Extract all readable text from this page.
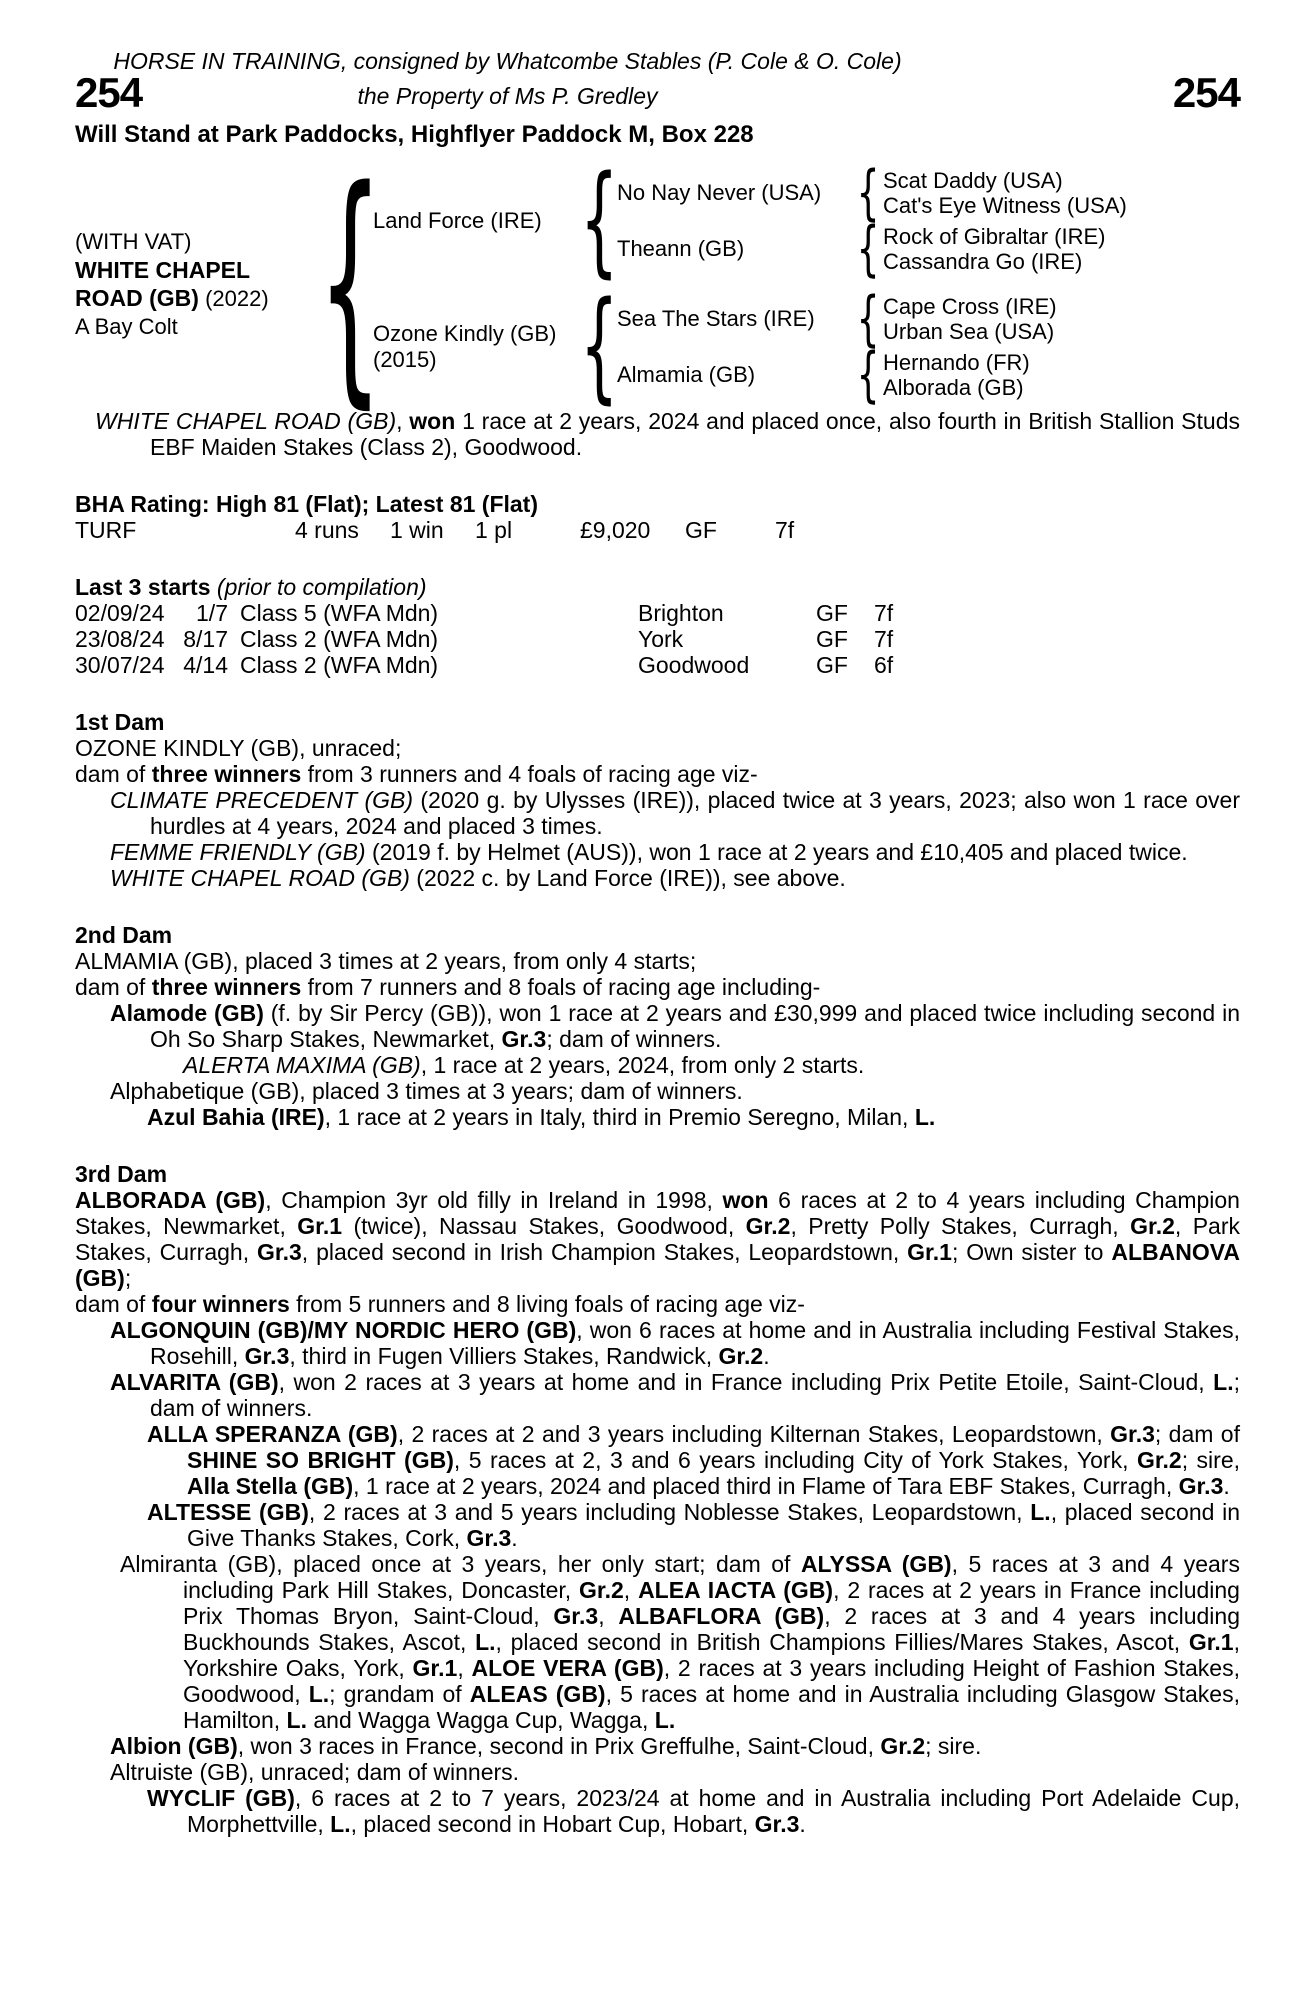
HORSE IN TRAINING, consigned by Whatcombe Stables (P. Cole & O. Cole)
the Property of Ms P. Gredley
254	254
Will Stand at Park Paddocks, Highflyer Paddock M, Box 228
(WITH VAT)
WHITE CHAPEL
ROAD (GB) (2022)
A Bay Colt
{
Land Force (IRE)
{
No Nay Never (USA) {	Scat Daddy (USA)
Cat's Eye Witness (USA)
Theann (GB) {	Rock of Gibraltar (IRE)
Cassandra Go (IRE)
Ozone Kindly (GB)
(2015)
{
Sea The Stars (IRE) {	Cape Cross (IRE)
Urban Sea (USA)
Almamia (GB) {	Hernando (FR)
Alborada (GB)

WHITE CHAPEL ROAD (GB), won 1 race at 2 years, 2024 and placed once, also fourth in British Stallion Studs EBF Maiden Stakes (Class 2), Goodwood.

BHA Rating: High 81 (Flat); Latest 81 (Flat)
TURF	4 runs 1 win 1 pl	£9,020 GF	7f
Last 3 starts (prior to compilation)
02/09/24 1/7 Class 5 (WFA Mdn)	Brighton	GF 7f
23/08/24 8/17 Class 2 (WFA Mdn)	York	GF 7f
30/07/24 4/14 Class 2 (WFA Mdn)	Goodwood	GF 6f
1st Dam

OZONE KINDLY (GB), unraced;

dam of three winners from 3 runners and 4 foals of racing age viz-

CLIMATE PRECEDENT (GB) (2020 g. by Ulysses (IRE)), placed twice at 3 years, 2023; also won 1 race over hurdles at 4 years, 2024 and placed 3 times.

FEMME FRIENDLY (GB) (2019 f. by Helmet (AUS)), won 1 race at 2 years and £10,405 and placed twice.

WHITE CHAPEL ROAD (GB) (2022 c. by Land Force (IRE)), see above.

2nd Dam

ALMAMIA (GB), placed 3 times at 2 years, from only 4 starts;

dam of three winners from 7 runners and 8 foals of racing age including-

Alamode (GB) (f. by Sir Percy (GB)), won 1 race at 2 years and £30,999 and placed twice including second in Oh So Sharp Stakes, Newmarket, Gr.3; dam of winners.

ALERTA MAXIMA (GB), 1 race at 2 years, 2024, from only 2 starts.

Alphabetique (GB), placed 3 times at 3 years; dam of winners.

Azul Bahia (IRE), 1 race at 2 years in Italy, third in Premio Seregno, Milan, L.

3rd Dam

ALBORADA (GB), Champion 3yr old filly in Ireland in 1998, won 6 races at 2 to 4 years including Champion Stakes, Newmarket, Gr.1 (twice), Nassau Stakes, Goodwood, Gr.2, Pretty Polly Stakes, Curragh, Gr.2, Park Stakes, Curragh, Gr.3, placed second in Irish Champion Stakes, Leopardstown, Gr.1; Own sister to ALBANOVA (GB);

dam of four winners from 5 runners and 8 living foals of racing age viz-

ALGONQUIN (GB)/MY NORDIC HERO (GB), won 6 races at home and in Australia including Festival Stakes, Rosehill, Gr.3, third in Fugen Villiers Stakes, Randwick, Gr.2.

ALVARITA (GB), won 2 races at 3 years at home and in France including Prix Petite Etoile, Saint-Cloud, L.; dam of winners.

ALLA SPERANZA (GB), 2 races at 2 and 3 years including Kilternan Stakes, Leopardstown, Gr.3; dam of SHINE SO BRIGHT (GB), 5 races at 2, 3 and 6 years including City of York Stakes, York, Gr.2; sire, Alla Stella (GB), 1 race at 2 years, 2024 and placed third in Flame of Tara EBF Stakes, Curragh, Gr.3.

ALTESSE (GB), 2 races at 3 and 5 years including Noblesse Stakes, Leopardstown, L., placed second in Give Thanks Stakes, Cork, Gr.3.

Almiranta (GB), placed once at 3 years, her only start; dam of ALYSSA (GB), 5 races at 3 and 4 years including Park Hill Stakes, Doncaster, Gr.2, ALEA IACTA (GB), 2 races at 2 years in France including Prix Thomas Bryon, Saint-Cloud, Gr.3, ALBAFLORA (GB), 2 races at 3 and 4 years including Buckhounds Stakes, Ascot, L., placed second in British Champions Fillies/Mares Stakes, Ascot, Gr.1, Yorkshire Oaks, York, Gr.1, ALOE VERA (GB), 2 races at 3 years including Height of Fashion Stakes, Goodwood, L.; grandam of ALEAS (GB), 5 races at home and in Australia including Glasgow Stakes, Hamilton, L. and Wagga Wagga Cup, Wagga, L.

Albion (GB), won 3 races in France, second in Prix Greffulhe, Saint-Cloud, Gr.2; sire.

Altruiste (GB), unraced; dam of winners.

WYCLIF (GB), 6 races at 2 to 7 years, 2023/24 at home and in Australia including Port Adelaide Cup, Morphettville, L., placed second in Hobart Cup, Hobart, Gr.3.
